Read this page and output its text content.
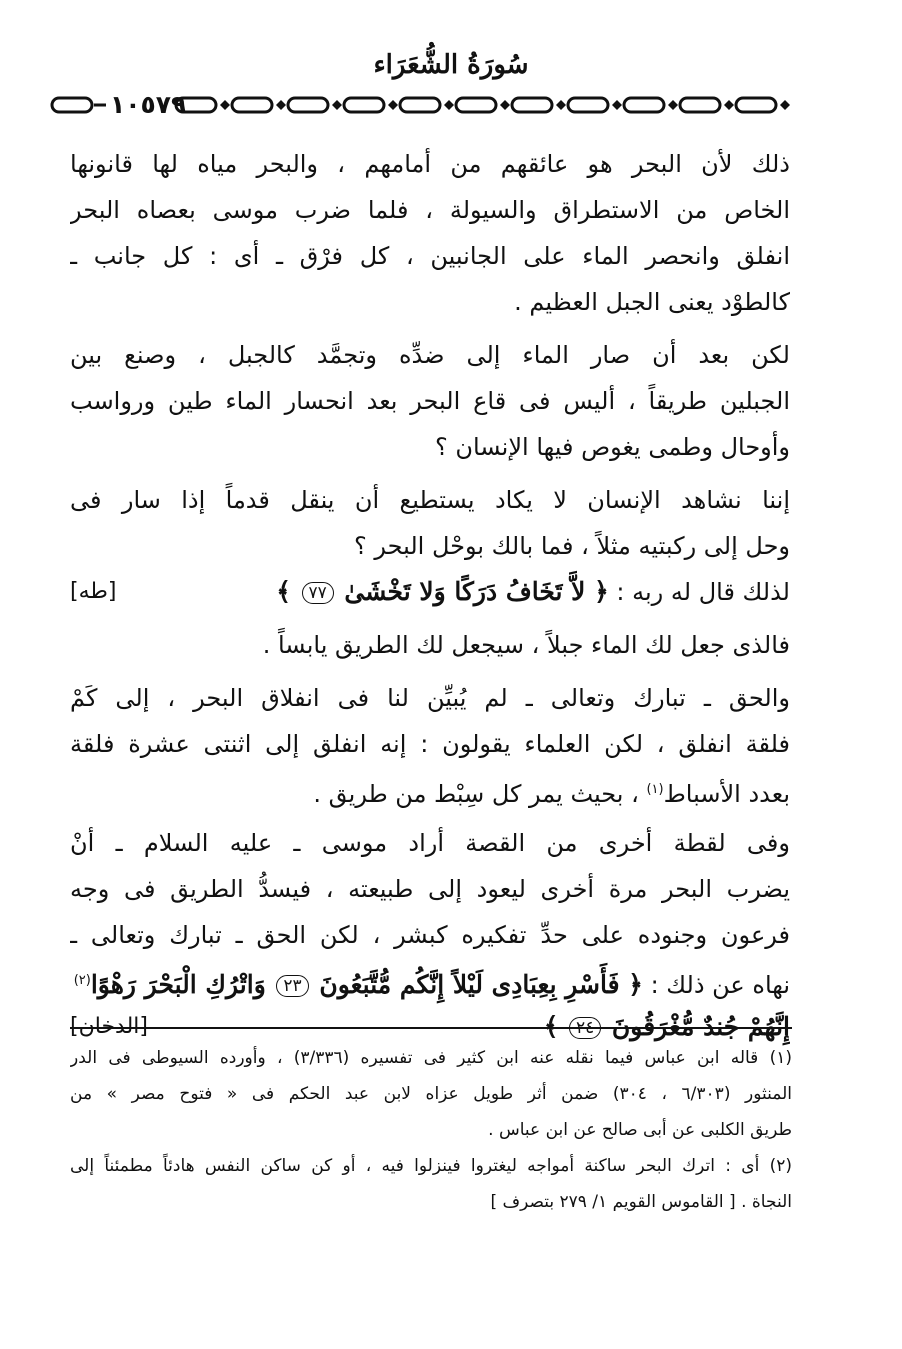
سُورَةُ الشُّعَرَاء
١٠٥٧٩
ذلك لأن البحر هو عائقهم من أمامهم ، والبحر مياه لها قانونها
الخاص من الاستطراق والسيولة ، فلما ضرب موسى بعصاه البحر
انفلق وانحصر الماء على الجانبين ، كل فرْق ـ أى : كل جانب ـ
كالطوْد يعنى الجبل العظيم .
لكن بعد أن صار الماء إلى ضدِّه وتجمَّد كالجبل ، وصنع بين
الجبلين طريقاً ، أليس فى قاع البحر بعد انحسار الماء طين ورواسب
وأوحال وطمى يغوص فيها الإنسان ؟
إننا نشاهد الإنسان لا يكاد يستطيع أن ينقل قدماً إذا سار فى
وحل إلى ركبتيه مثلاً ، فما بالك بوحْل البحر ؟
لذلك قال له ربه : ﴿ لاَّ تَخَافُ دَرَكًا وَلا تَخْشَىٰ ٧٧ ﴾
[طه]
فالذى جعل لك الماء جبلاً ، سيجعل لك الطريق يابساً .
والحق ـ تبارك وتعالى ـ لم يُبيِّن لنا فى انفلاق البحر ، إلى كَمْ
فلقة انفلق ، لكن العلماء يقولون : إنه انفلق إلى اثنتى عشرة فلقة
بعدد الأسباط$^{(١)}$ ، بحيث يمر كل سِبْط من طريق .
وفى لقطة أخرى من القصة أراد موسى ـ عليه السلام ـ أنْ
يضرب البحر مرة أخرى ليعود إلى طبيعته ، فيسدُّ الطريق فى وجه
فرعون وجنوده على حدِّ تفكيره كبشر ، لكن الحق ـ تبارك وتعالى ـ
نهاه عن ذلك : ﴿ فَأَسْرِ بِعِبَادِى لَيْلاً إِنَّكُم مُّتَّبَعُونَ ٢٣ وَاتْرُكِ الْبَحْرَ رَهْوًا$^{(٢)}$
إِنَّهُمْ جُندٌ مُّغْرَقُونَ ٢٤ ﴾
[الدخان]
(١) قاله ابن عباس فيما نقله عنه ابن كثير فى تفسيره (٣/٣٣٦) ، وأورده السيوطى فى الدر
المنثور (٦/٣٠٣ ، ٣٠٤) ضمن أثر طويل عزاه لابن عبد الحكم فى « فتوح مصر » من
طريق الكلبى عن أبى صالح عن ابن عباس .
(٢) أى : اترك البحر ساكنة أمواجه ليغتروا فينزلوا فيه ، أو كن ساكن النفس هادئاً مطمئناً إلى
النجاة . [ القاموس القويم ١/ ٢٧٩ بتصرف ]
